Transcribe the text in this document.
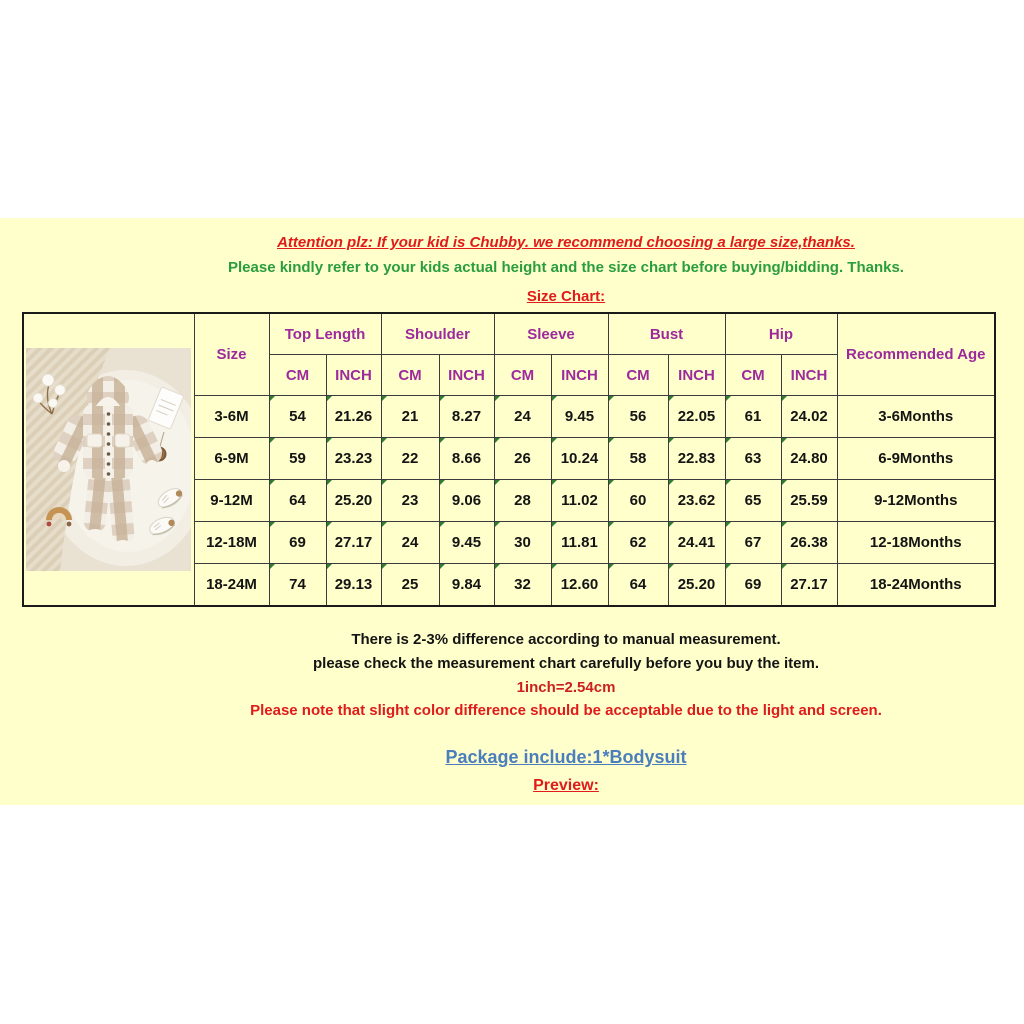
Attention plz: If your kid is Chubby. we recommend choosing a large size,thanks.
Please kindly refer to your kids actual height and the size chart before buying/bidding. Thanks.
Size Chart:
	Size	Top Length		Shoulder		Sleeve		Bust		Hip		Recommended Age
		CM	INCH	CM	INCH	CM	INCH	CM	INCH	CM	INCH	
	3-6M	54	21.26	21	8.27	24	9.45	56	22.05	61	24.02	3-6Months
	6-9M	59	23.23	22	8.66	26	10.24	58	22.83	63	24.80	6-9Months
	9-12M	64	25.20	23	9.06	28	11.02	60	23.62	65	25.59	9-12Months
	12-18M	69	27.17	24	9.45	30	11.81	62	24.41	67	26.38	12-18Months
	18-24M	74	29.13	25	9.84	32	12.60	64	25.20	69	27.17	18-24Months
There is 2-3% difference according to manual measurement.
please check the measurement chart carefully before you buy the item.
1inch=2.54cm
Please note that slight color difference should be acceptable due to the light and screen.
Package include:1*Bodysuit
Preview:
